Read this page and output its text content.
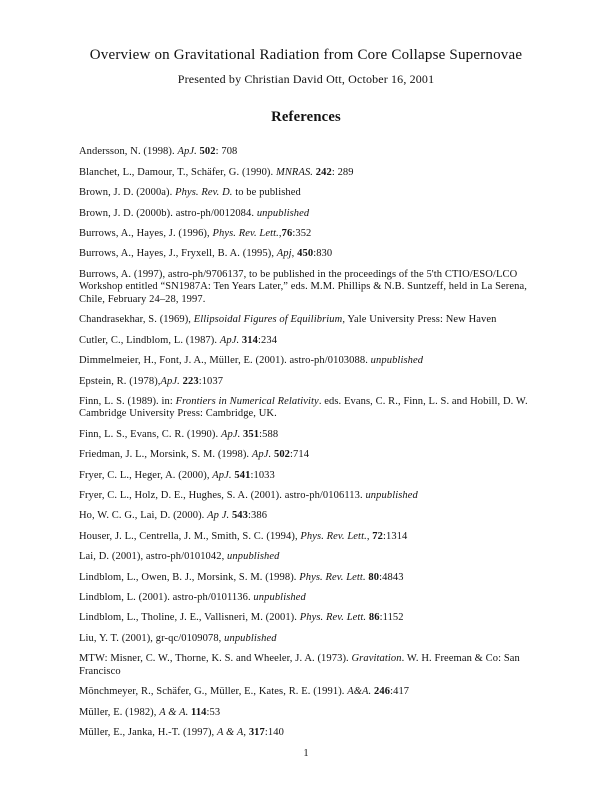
Overview on Gravitational Radiation from Core Collapse Supernovae
Presented by Christian David Ott, October 16, 2001
References

Andersson, N. (1998). ApJ. 502: 708

Blanchet, L., Damour, T., Schäfer, G. (1990). MNRAS. 242: 289

Brown, J. D. (2000a). Phys. Rev. D. to be published

Brown, J. D. (2000b). astro-ph/0012084. unpublished

Burrows, A., Hayes, J. (1996), Phys. Rev. Lett.,76:352

Burrows, A., Hayes, J., Fryxell, B. A. (1995), Apj, 450:830

Burrows, A. (1997), astro-ph/9706137, to be published in the proceedings of the 5'th CTIO/ESO/LCO Workshop entitled “SN1987A: Ten Years Later,” eds. M.M. Phillips & N.B. Suntzeff, held in La Serena, Chile, February 24–28, 1997.

Chandrasekhar, S. (1969), Ellipsoidal Figures of Equilibrium, Yale University Press: New Haven

Cutler, C., Lindblom, L. (1987). ApJ. 314:234

Dimmelmeier, H., Font, J. A., Müller, E. (2001). astro-ph/0103088. unpublished

Epstein, R. (1978),ApJ. 223:1037

Finn, L. S. (1989). in: Frontiers in Numerical Relativity. eds. Evans, C. R., Finn, L. S. and Hobill, D. W. Cambridge University Press: Cambridge, UK.

Finn, L. S., Evans, C. R. (1990). ApJ. 351:588

Friedman, J. L., Morsink, S. M. (1998). ApJ. 502:714

Fryer, C. L., Heger, A. (2000), ApJ. 541:1033

Fryer, C. L., Holz, D. E., Hughes, S. A. (2001). astro-ph/0106113. unpublished

Ho, W. C. G., Lai, D. (2000). Ap J. 543:386

Houser, J. L., Centrella, J. M., Smith, S. C. (1994), Phys. Rev. Lett., 72:1314

Lai, D. (2001), astro-ph/0101042, unpublished

Lindblom, L., Owen, B. J., Morsink, S. M. (1998). Phys. Rev. Lett. 80:4843

Lindblom, L. (2001). astro-ph/0101136. unpublished

Lindblom, L., Tholine, J. E., Vallisneri, M. (2001). Phys. Rev. Lett. 86:1152

Liu, Y. T. (2001), gr-qc/0109078, unpublished

MTW: Misner, C. W., Thorne, K. S. and Wheeler, J. A. (1973). Gravitation. W. H. Freeman & Co: San Francisco

Mönchmeyer, R., Schäfer, G., Müller, E., Kates, R. E. (1991). A&A. 246:417

Müller, E. (1982), A & A. 114:53

Müller, E., Janka, H.-T. (1997), A & A, 317:140

1
